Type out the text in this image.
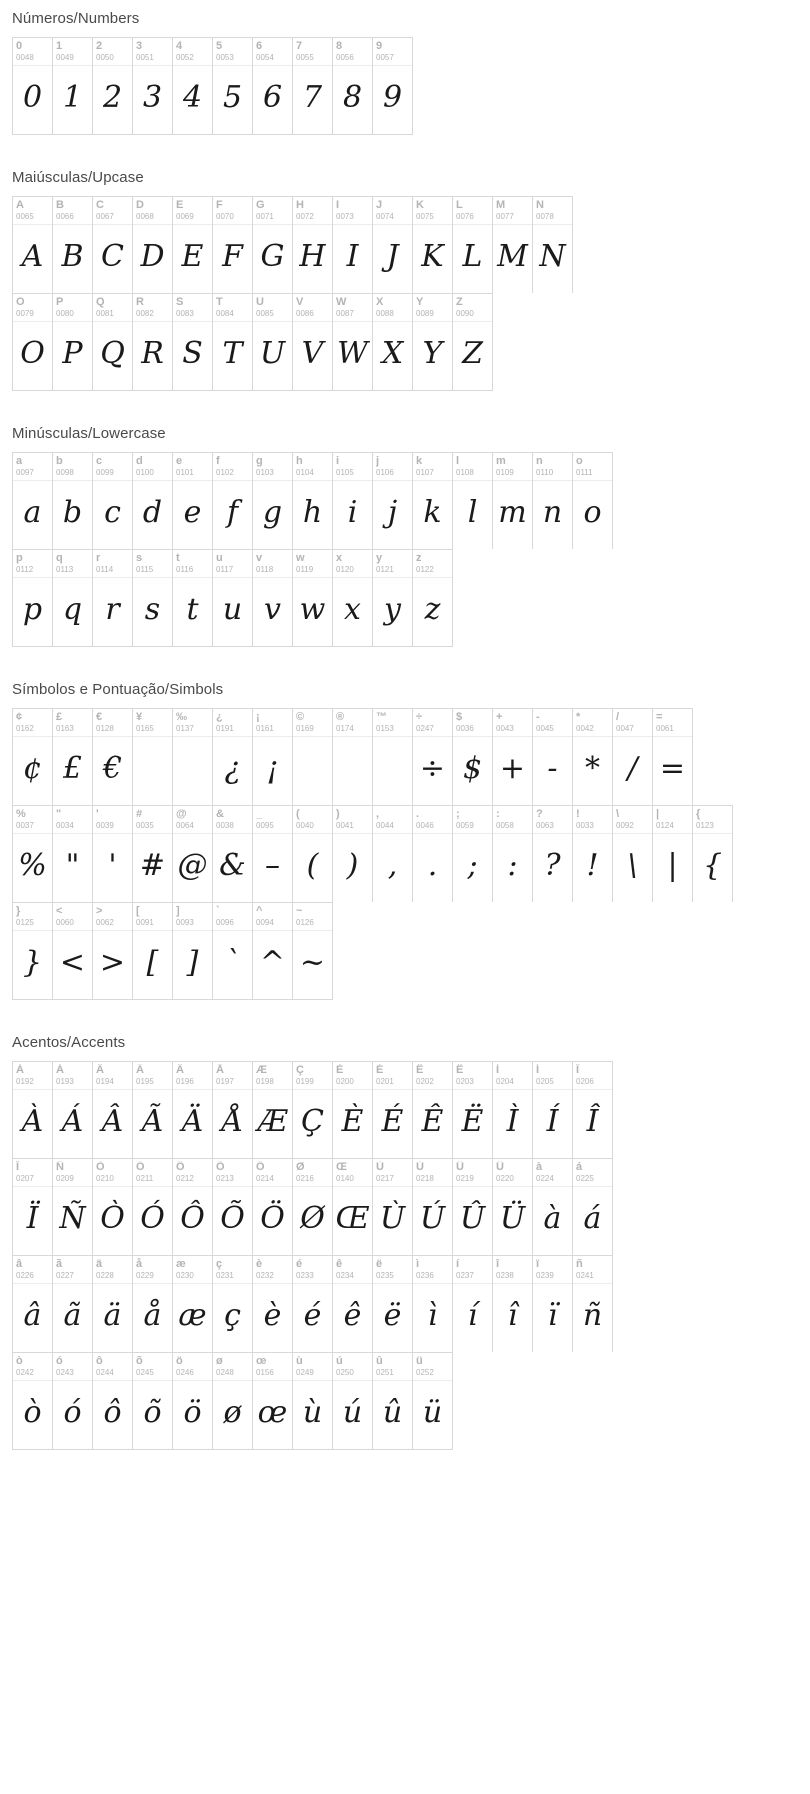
Números/Numbers
0
0048
0
1
0049
1
2
0050
2
3
0051
3
4
0052
4
5
0053
5
6
0054
6
7
0055
7
8
0056
8
9
0057
9
Maiúsculas/Upcase
A
0065
A
B
0066
B
C
0067
C
D
0068
D
E
0069
E
F
0070
F
G
0071
G
H
0072
H
I
0073
I
J
0074
J
K
0075
K
L
0076
L
M
0077
M
N
0078
N
O
0079
O
P
0080
P
Q
0081
Q
R
0082
R
S
0083
S
T
0084
T
U
0085
U
V
0086
V
W
0087
W
X
0088
X
Y
0089
Y
Z
0090
Z
Minúsculas/Lowercase
a
0097
a
b
0098
b
c
0099
c
d
0100
d
e
0101
e
f
0102
f
g
0103
g
h
0104
h
i
0105
i
j
0106
j
k
0107
k
l
0108
l
m
0109
m
n
0110
n
o
0111
o
p
0112
p
q
0113
q
r
0114
r
s
0115
s
t
0116
t
u
0117
u
v
0118
v
w
0119
w
x
0120
x
y
0121
y
z
0122
z
Símbolos e Pontuação/Simbols
¢
0162
¢
£
0163
£
€
0128
€
¥
0165
‰
0137
¿
0191
¿
¡
0161
¡
©
0169
®
0174
™
0153
÷
0247
÷
$
0036
$
+
0043
+
-
0045
-
*
0042
*
/
0047
/
=
0061
=
%
0037
%
"
0034
"
'
0039
'
#
0035
#
@
0064
@
&
0038
&
_
0095
–
(
0040
(
)
0041
)
,
0044
,
.
0046
.
;
0059
;
:
0058
:
?
0063
?
!
0033
!
\
0092
\
|
0124
|
{
0123
{
}
0125
}
<
0060
<
>
0062
>
[
0091
[
]
0093
]
`
0096
`
^
0094
^
~
0126
~
Acentos/Accents
À
0192
À
Á
0193
Á
Â
0194
Â
Ã
0195
Ã
Ä
0196
Ä
Å
0197
Å
Æ
0198
Æ
Ç
0199
Ç
È
0200
È
É
0201
É
Ê
0202
Ê
Ë
0203
Ë
Ì
0204
Ì
Í
0205
Í
Î
0206
Î
Ï
0207
Ï
Ñ
0209
Ñ
Ò
0210
Ò
Ó
0211
Ó
Ô
0212
Ô
Õ
0213
Õ
Ö
0214
Ö
Ø
0216
Ø
Œ
0140
Œ
Ù
0217
Ù
Ú
0218
Ú
Û
0219
Û
Ü
0220
Ü
à
0224
à
á
0225
á
â
0226
â
ã
0227
ã
ä
0228
ä
å
0229
å
æ
0230
æ
ç
0231
ç
è
0232
è
é
0233
é
ê
0234
ê
ë
0235
ë
ì
0236
ì
í
0237
í
î
0238
î
ï
0239
ï
ñ
0241
ñ
ò
0242
ò
ó
0243
ó
ô
0244
ô
õ
0245
õ
ö
0246
ö
ø
0248
ø
œ
0156
œ
ù
0249
ù
ú
0250
ú
û
0251
û
ü
0252
ü
